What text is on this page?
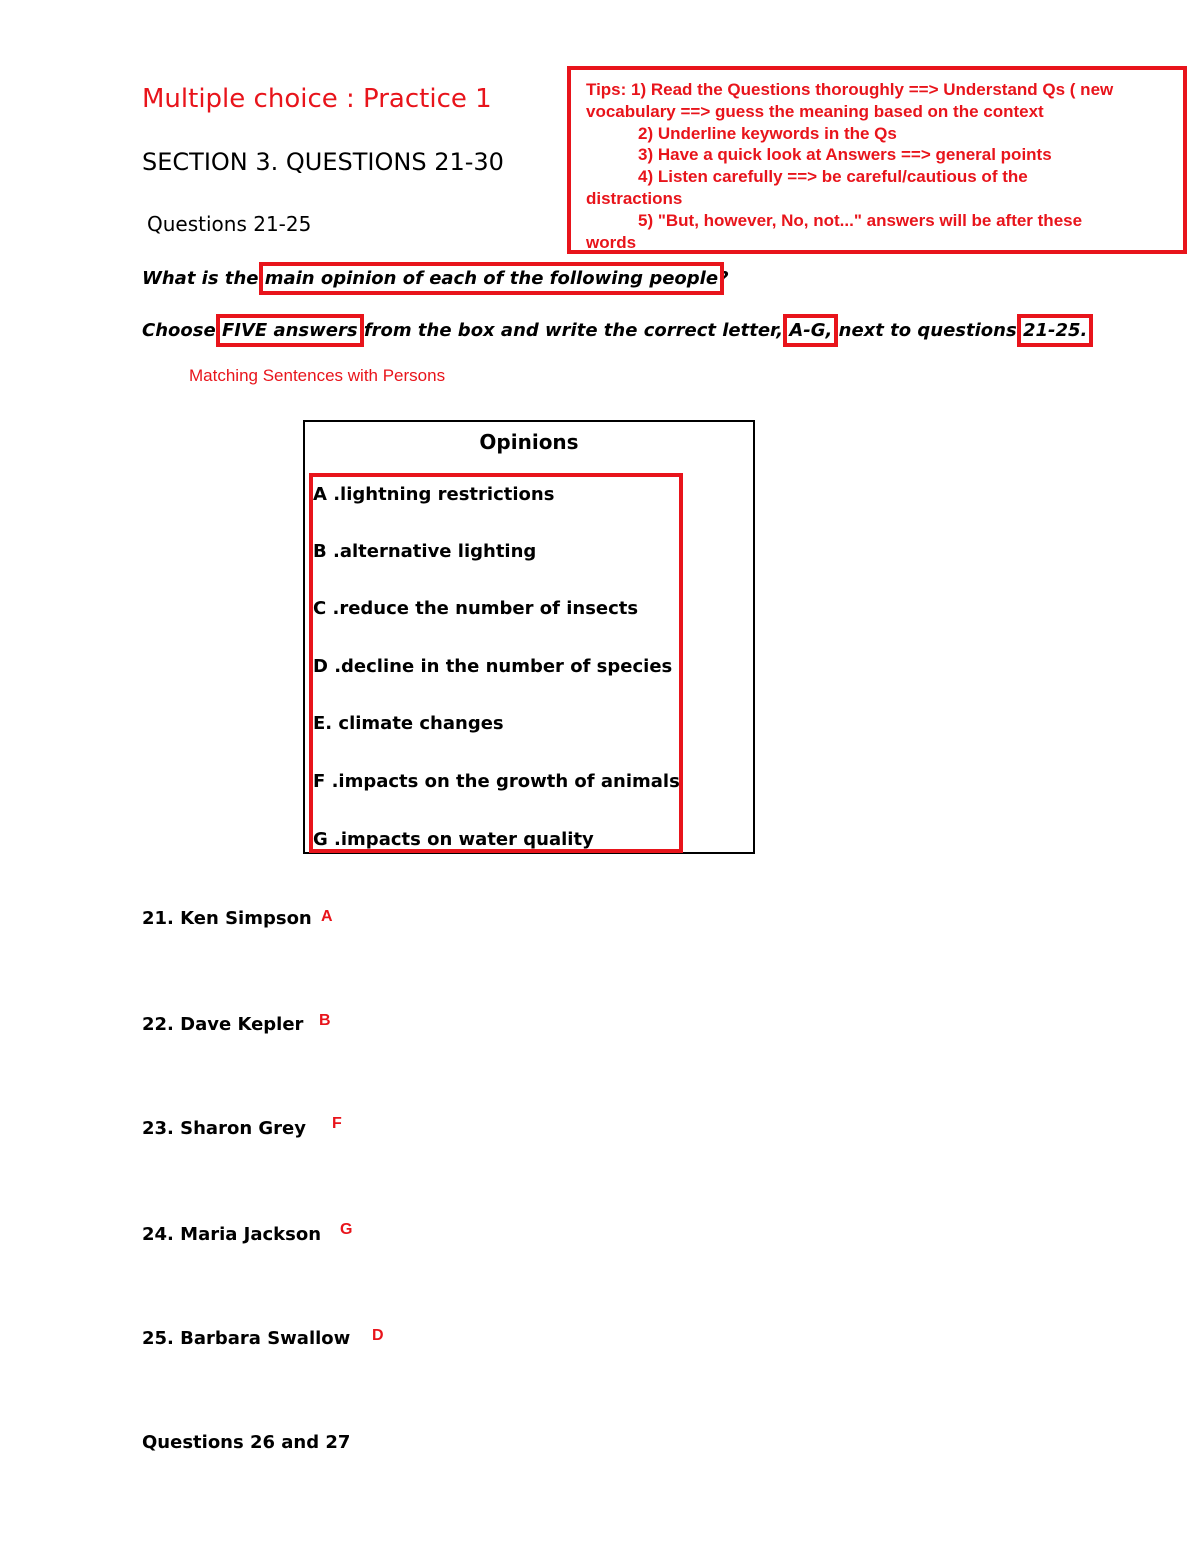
Multiple choice : Practice 1
SECTION 3. QUESTIONS 21-30
Questions 21-25
Tips: 1) Read the Questions thoroughly ==> Understand Qs ( new
vocabulary ==> guess the meaning based on the context
2) Underline keywords in the Qs
3) Have a quick look at Answers ==> general points
4) Listen carefully ==> be careful/cautious of the
distractions
5) "But, however, No, not..." answers will be after these
words
What is the main opinion of each of the following people?
Choose FIVE answers from the box and write the correct letter, A-G, next to questions 21-25.
Matching Sentences with Persons
Opinions
A .lightning restrictions
B .alternative lighting
C .reduce the number of insects
D .decline in the number of species
E. climate changes
F .impacts on the growth of animals
G .impacts on water quality
21. Ken Simpson A
22. Dave Kepler B
23. Sharon Grey F
24. Maria Jackson G
25. Barbara Swallow D
Questions 26 and 27
